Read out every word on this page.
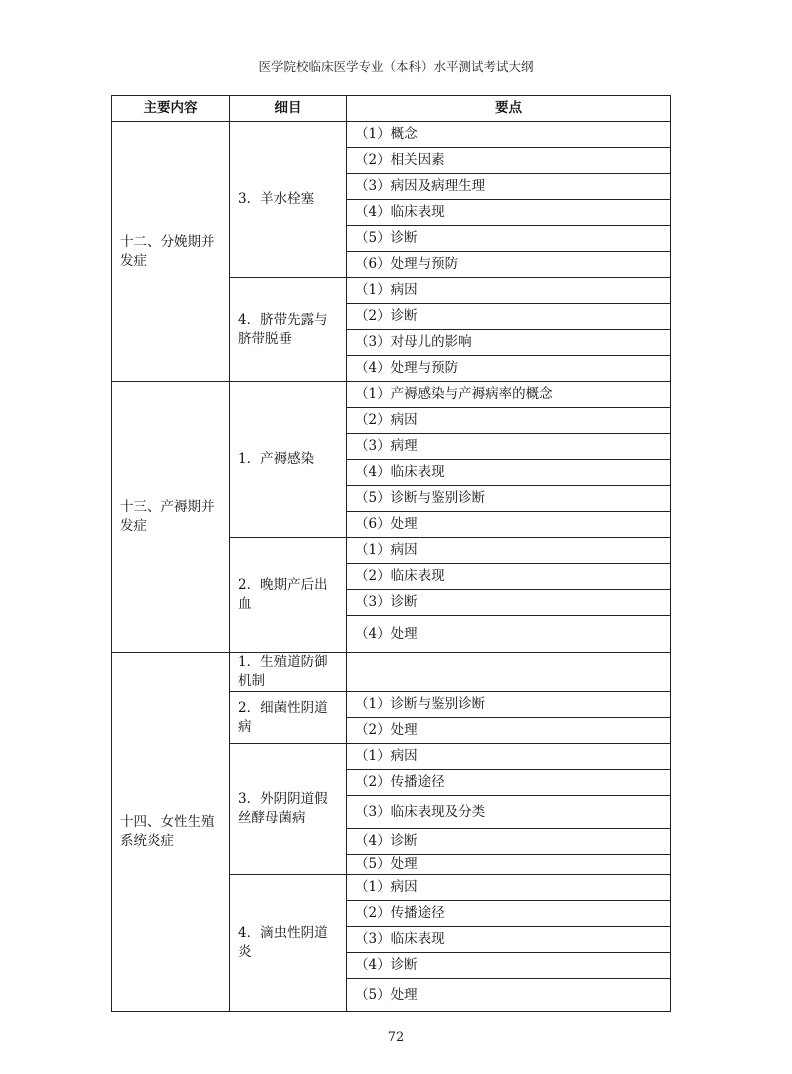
医学院校临床医学专业（本科）水平测试考试大纲
主要内容	细目	要点
十二、分娩期并发症	3．羊水栓塞	（1）概念
		（2）相关因素
		（3）病因及病理生理
		（4）临床表现
		（5）诊断
		（6）处理与预防
	4．脐带先露与脐带脱垂	（1）病因
		（2）诊断
		（3）对母儿的影响
		（4）处理与预防
十三、产褥期并发症	1．产褥感染	（1）产褥感染与产褥病率的概念
		（2）病因
		（3）病理
		（4）临床表现
		（5）诊断与鉴别诊断
		（6）处理
	2．晚期产后出血	（1）病因
		（2）临床表现
		（3）诊断
		（4）处理
十四、女性生殖系统炎症	1．生殖道防御机制	
	2．细菌性阴道病	（1）诊断与鉴别诊断
		（2）处理
	3．外阴阴道假丝酵母菌病	（1）病因
		（2）传播途径
		（3）临床表现及分类
		（4）诊断
		（5）处理
	4．滴虫性阴道炎	（1）病因
		（2）传播途径
		（3）临床表现
		（4）诊断
		（5）处理
72
